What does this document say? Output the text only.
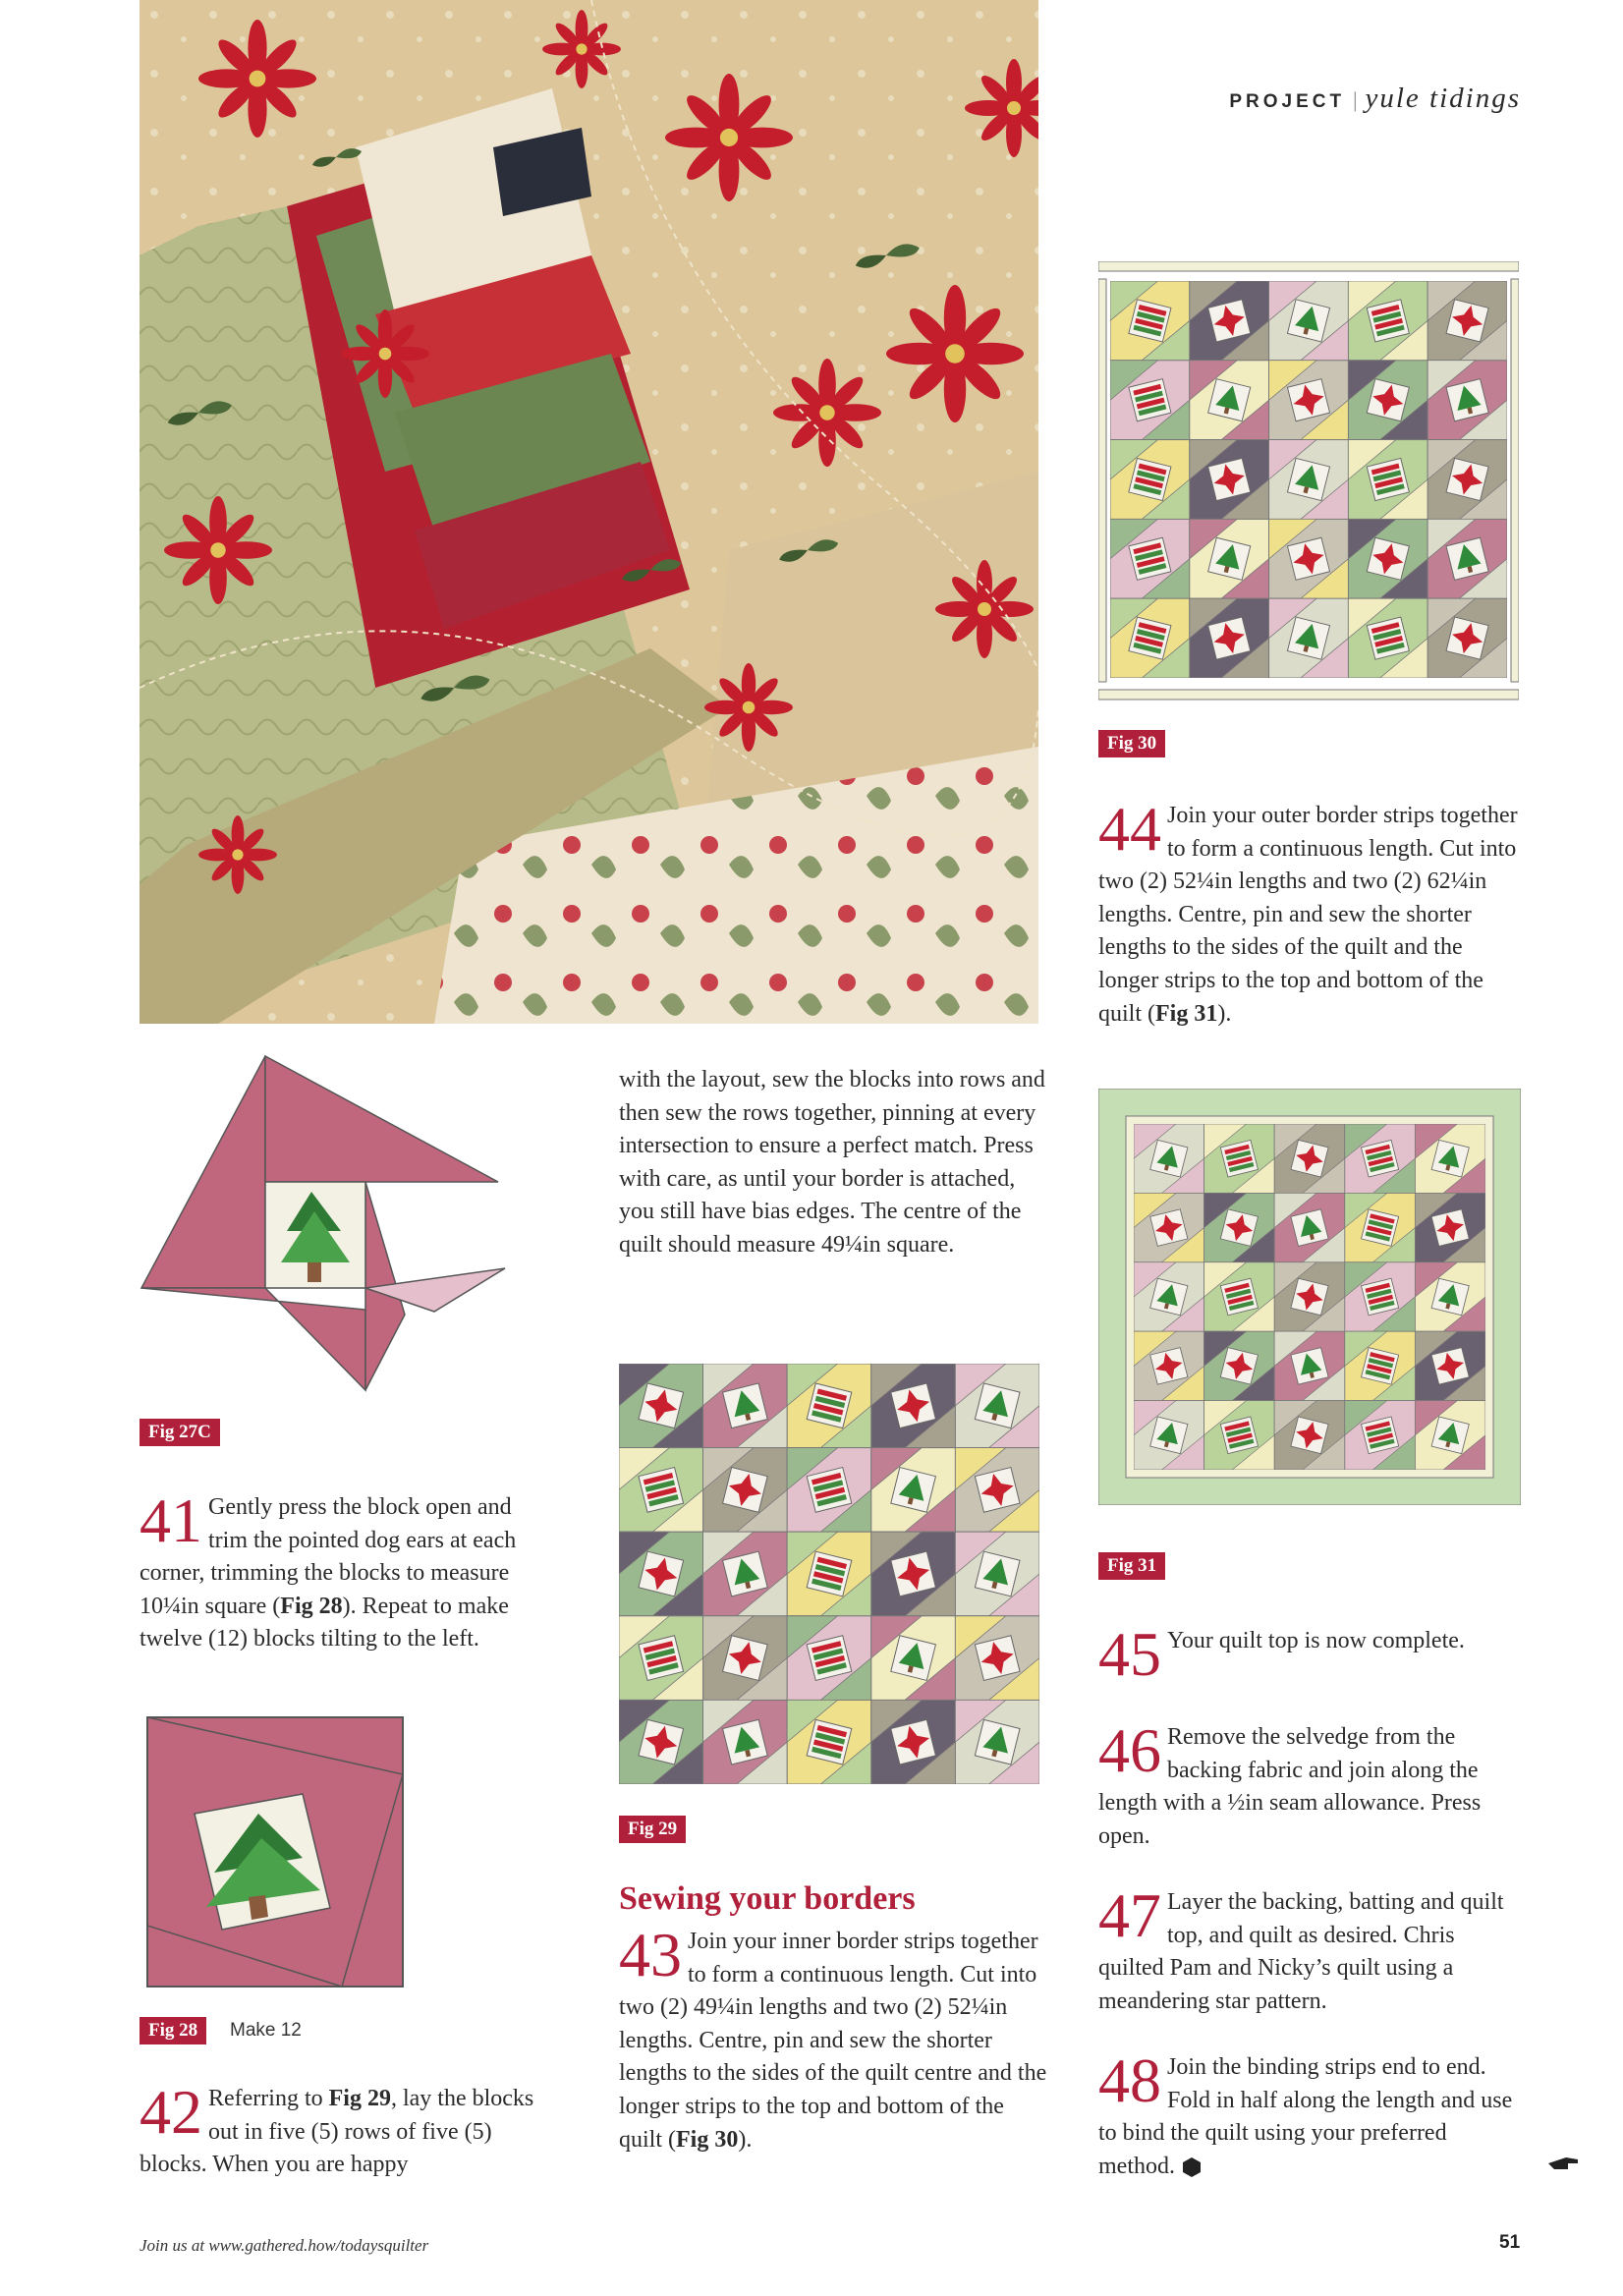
PROJECT | yule tidings
Fig 27C
41 Gently press the block open and trim the pointed dog ears at each corner, trimming the blocks to measure 10¼in square (Fig 28). Repeat to make twelve (12) blocks tilting to the left.
Fig 28	Make 12
42 Referring to Fig 29, lay the blocks out in five (5) rows of five (5) blocks. When you are happy
with the layout, sew the blocks into rows and then sew the rows together, pinning at every intersection to ensure a perfect match. Press with care, as until your border is attached, you still have bias edges. The centre of the quilt should measure 49¼in square.
Fig 29
Sewing your borders
43 Join your inner border strips together to form a continuous length. Cut into two (2) 49¼in lengths and two (2) 52¼in lengths. Centre, pin and sew the shorter lengths to the sides of the quilt centre and the longer strips to the top and bottom of the quilt (Fig 30).
Fig 30
44 Join your outer border strips together to form a continuous length. Cut into two (2) 52¼in lengths and two (2) 62¼in lengths. Centre, pin and sew the shorter lengths to the sides of the quilt and the longer strips to the top and bottom of the quilt (Fig 31).
Fig 31
45 Your quilt top is now complete.
46 Remove the selvedge from the backing fabric and join along the length with a ½in seam allowance. Press open.
47 Layer the backing, batting and quilt top, and quilt as desired. Chris quilted Pam and Nicky’s quilt using a meandering star pattern.
48 Join the binding strips end to end. Fold in half along the length and use to bind the quilt using your preferred method.
Join us at www.gathered.how/todaysquilter	51
